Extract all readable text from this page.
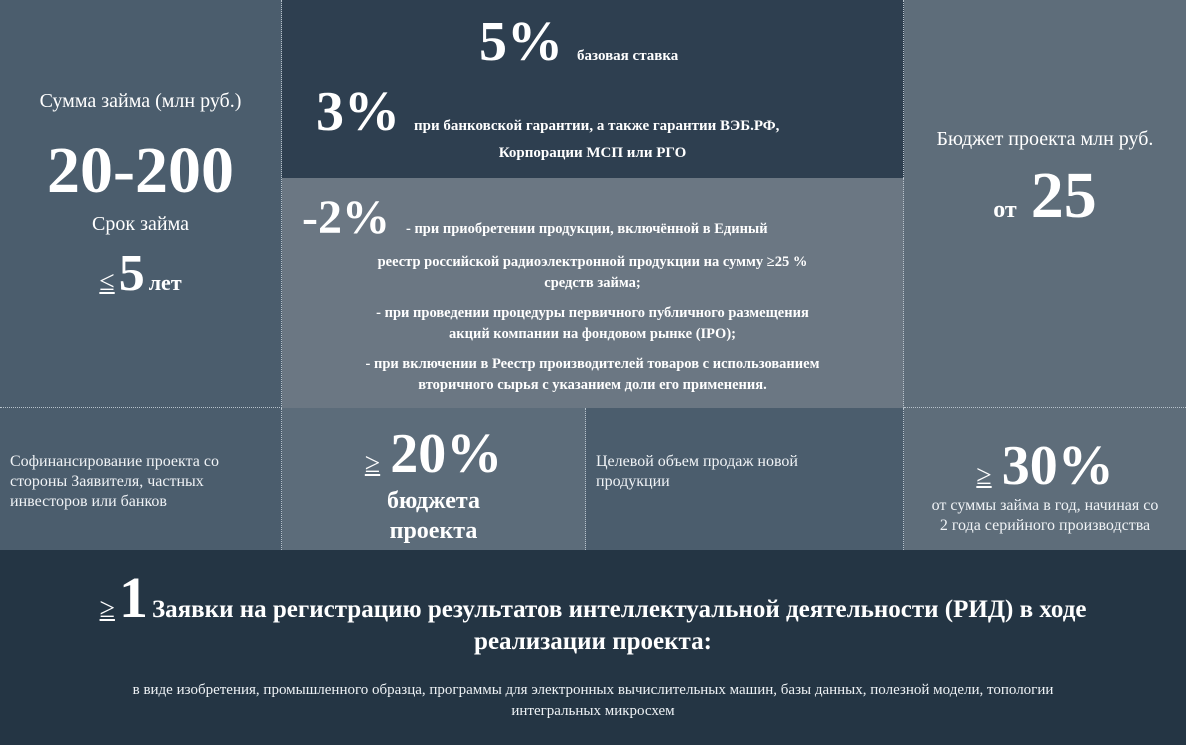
Сумма займа (млн руб.)
20-200
Срок займа
≤ 5 лет
5% базовая ставка
3% при банковской гарантии, а также гарантии ВЭБ.РФ,
Корпорации МСП или РГО
-2% - при приобретении продукции, включённой в Единый
реестр российской радиоэлектронной продукции на сумму ≥25 %
средств займа;
- при проведении процедуры первичного публичного размещения
акций компании на фондовом рынке (IPO);
- при включении в Реестр производителей товаров с использованием
вторичного сырья с указанием доли его применения.
Бюджет проекта млн руб.
от 25
Софинансирование проекта со
стороны Заявителя, частных
инвесторов или банков
≥ 20%
бюджета
проекта
Целевой объем продаж новой
продукции	≥ 30%
от суммы займа в год, начиная со
2 года серийного производства
≥ 1 Заявки на регистрацию результатов интеллектуальной деятельности (РИД) в ходе
реализации проекта:
в виде изобретения, промышленного образца, программы для электронных вычислительных машин, базы данных, полезной модели, топологии
интегральных микросхем
